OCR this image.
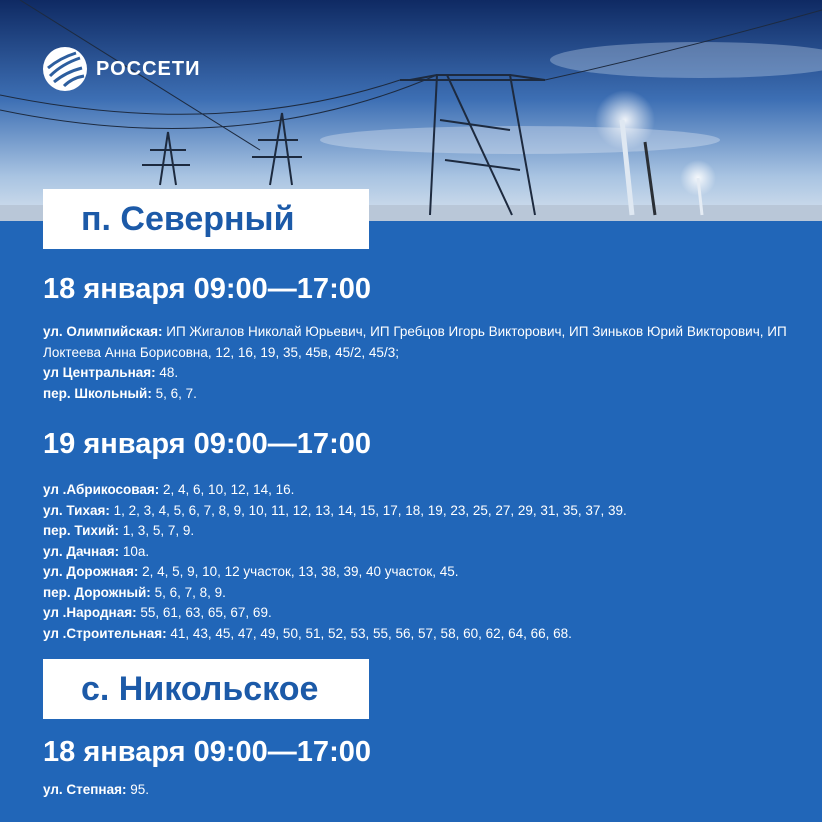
РОССЕТИ
п. Северный
18 января 09:00—17:00
ул. Олимпийская: ИП Жигалов Николай Юрьевич, ИП Гребцов Игорь Викторович, ИП Зиньков Юрий Викторович, ИП Локтеева Анна Борисовна, 12, 16, 19, 35, 45в, 45/2, 45/3;
ул Центральная: 48.
пер. Школьный: 5, 6, 7.
19 января 09:00—17:00
ул .Абрикосовая: 2, 4, 6, 10, 12, 14, 16.
ул. Тихая: 1, 2, 3, 4, 5, 6, 7, 8, 9, 10, 11, 12, 13, 14, 15, 17, 18, 19, 23, 25, 27, 29, 31, 35, 37, 39.
пер. Тихий: 1, 3, 5, 7, 9.
ул. Дачная: 10а.
ул. Дорожная: 2, 4, 5, 9, 10, 12 участок, 13, 38, 39, 40 участок, 45.
пер. Дорожный: 5, 6, 7, 8, 9.
ул .Народная: 55, 61, 63, 65, 67, 69.
ул .Строительная: 41, 43, 45, 47, 49, 50, 51, 52, 53, 55, 56, 57, 58, 60, 62, 64, 66, 68.
с. Никольское
18 января 09:00—17:00
ул. Степная: 95.
